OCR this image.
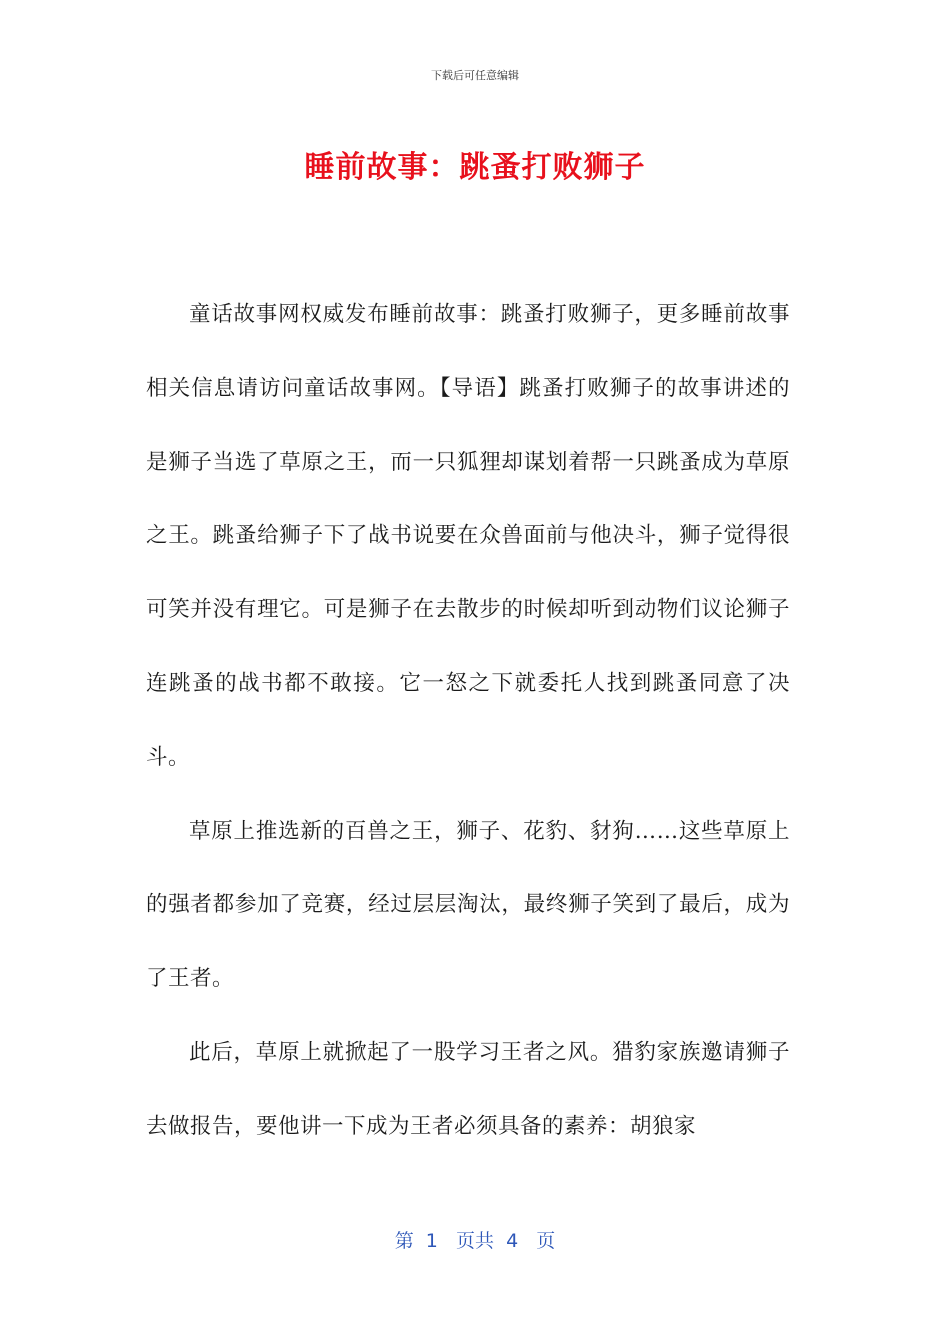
下载后可任意编辑
睡前故事：跳蚤打败狮子

童话故事网权威发布睡前故事：跳蚤打败狮子，更多睡前故事相关信息请访问童话故事网。【导语】跳蚤打败狮子的故事讲述的是狮子当选了草原之王，而一只狐狸却谋划着帮一只跳蚤成为草原之王。跳蚤给狮子下了战书说要在众兽面前与他决斗，狮子觉得很可笑并没有理它。可是狮子在去散步的时候却听到动物们议论狮子连跳蚤的战书都不敢接。它一怒之下就委托人找到跳蚤同意了决斗。

草原上推选新的百兽之王，狮子、花豹、豺狗……这些草原上的强者都参加了竞赛，经过层层淘汰，最终狮子笑到了最后，成为了王者。

此后，草原上就掀起了一股学习王者之风。猎豹家族邀请狮子去做报告，要他讲一下成为王者必须具备的素养：胡狼家

第  1   页共  4   页
